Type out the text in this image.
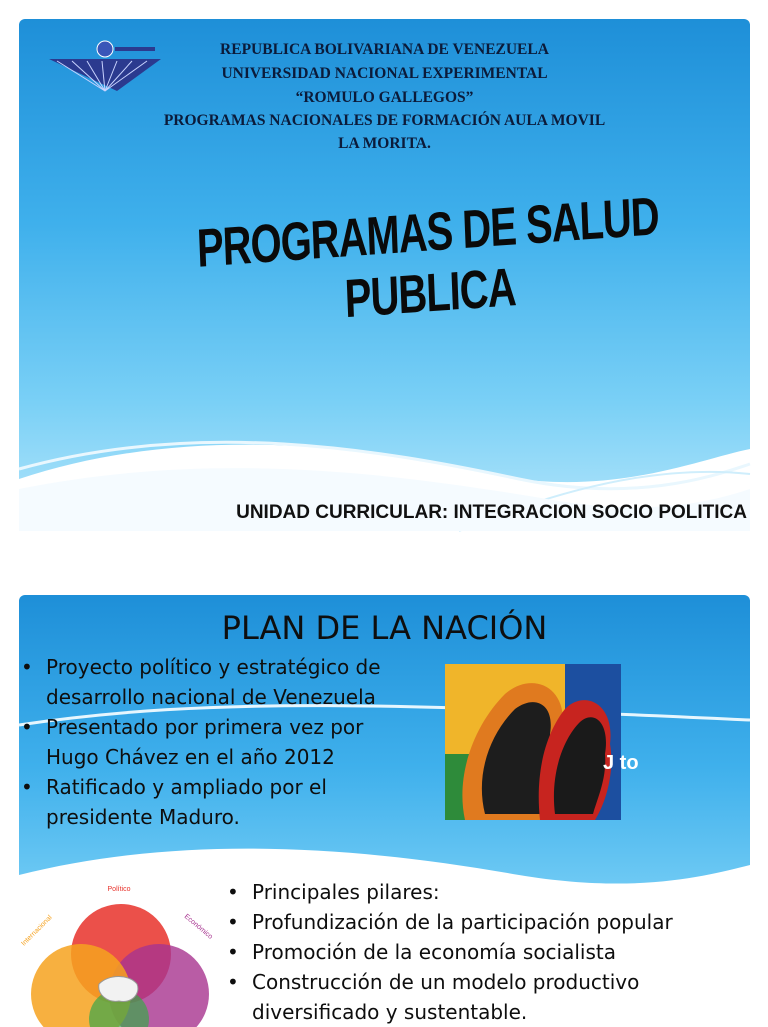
REPUBLICA BOLIVARIANA DE VENEZUELA
UNIVERSIDAD NACIONAL EXPERIMENTAL
“ROMULO GALLEGOS”
PROGRAMAS NACIONALES DE FORMACIÓN AULA MOVIL
LA MORITA.
PROGRAMAS DE SALUD PUBLICA
UNIDAD CURRICULAR: INTEGRACION SOCIO POLITICA
PLAN DE LA NACIÓN
• Proyecto político y estratégico de desarrollo nacional de Venezuela
• Presentado por primera vez por Hugo Chávez en el año 2012
• Ratificado y ampliado por el presidente Maduro.
J to
Político
Económico
Internacional
• Principales pilares:
• Profundización de la participación popular
• Promoción de la economía socialista
• Construcción de un modelo productivo diversificado y sustentable.
